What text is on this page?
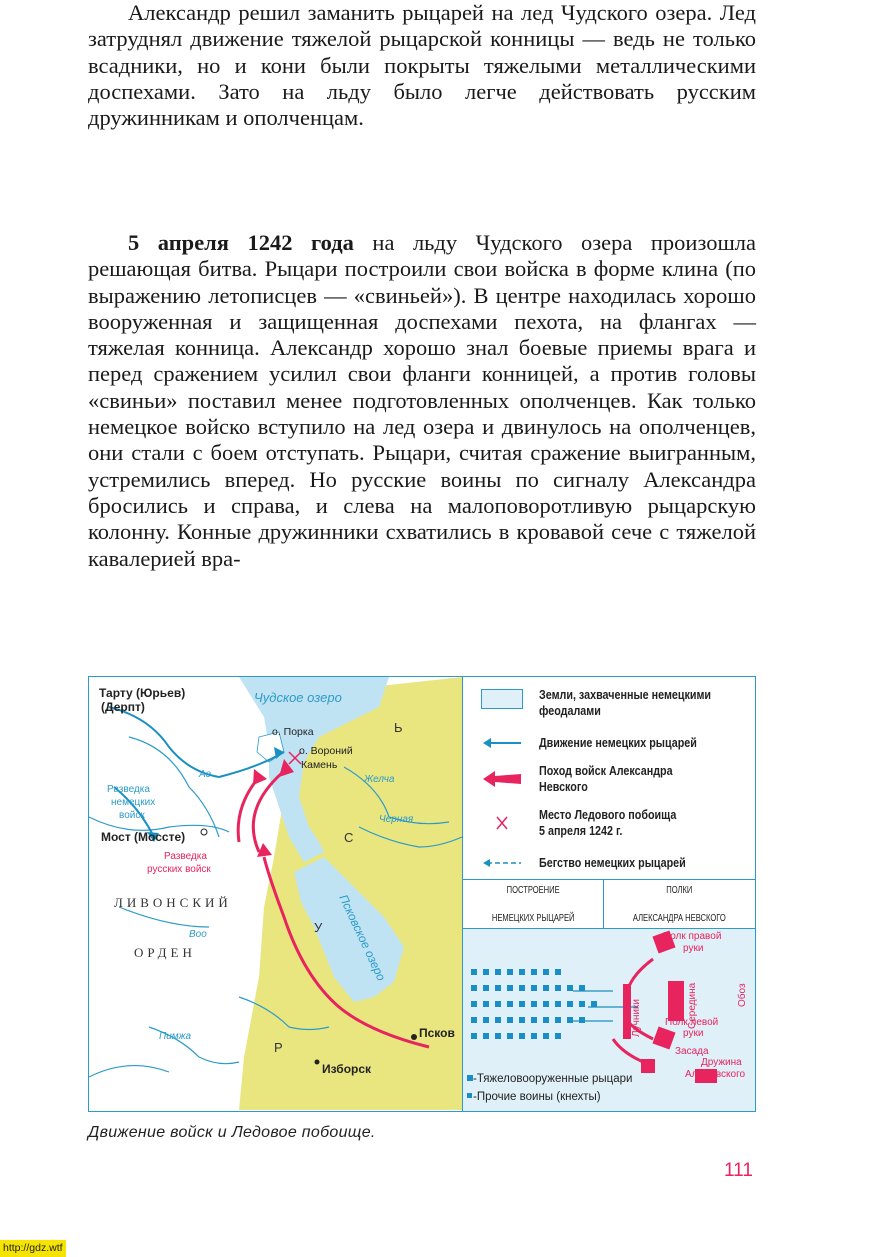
Александр решил заманить рыцарей на лед Чудского озера. Лед затруднял движение тяжелой рыцарской конницы — ведь не только всадники, но и кони были покрыты тяжелыми металлическими доспехами. Зато на льду было легче действовать русским дружинникам и ополченцам.

5 апреля 1242 года на льду Чудского озера произошла решающая битва. Рыцари построили свои войска в форме клина (по выражению летописцев — «свиньей»). В центре находилась хорошо вооруженная и защищенная доспехами пехота, на флангах — тяжелая конница. Александр хорошо знал боевые приемы врага и перед сражением усилил свои фланги конницей, а против головы «свиньи» поставил менее подготовленных ополченцев. Как только немецкое войско вступило на лед озера и двинулось на ополченцев, они стали с боем отступать. Рыцари, считая сражение выигранным, устремились вперед. Но русские воины по сигналу Александра бросились и справа, и слева на малоповоротливую рыцарскую колонну. Конные дружинники схватились в кровавой сече с тяжелой кавалерией вра-

Тарту (Юрьев)
(Дерпт)
Мост (Моссте)
Изборск
Псков
о. Порка
о. Вороний
Камень
Разведка
немецких
войск
Воо
Пимжа
Желча
Черная
Ае
Разведка
русских войск
Чудское озеро
Псковское озеро
ЛИВОНСКИЙ
ОРДЕН
Р
У
С
Ь
Земли, захваченные немецкими
феодалами
Движение немецких рыцарей
Поход войск Александра
Невского
Место Ледового побоища
5 апреля 1242 г.
Бегство немецких рыцарей
ПОСТРОЕНИЕ

НЕМЕЦКИХ РЫЦАРЕЙ
ПОЛКИ

АЛЕКСАНДРА НЕВСКОГО
Полк правой
руки
Полк левой
руки
Засада
Дружина
Ал. Невского
Середина	Обоз
Лучники
-Тяжеловооруженные рыцари
-Прочие воины (кнехты)
Движение войск и Ледовое побоище.
111
http://gdz.wtf
